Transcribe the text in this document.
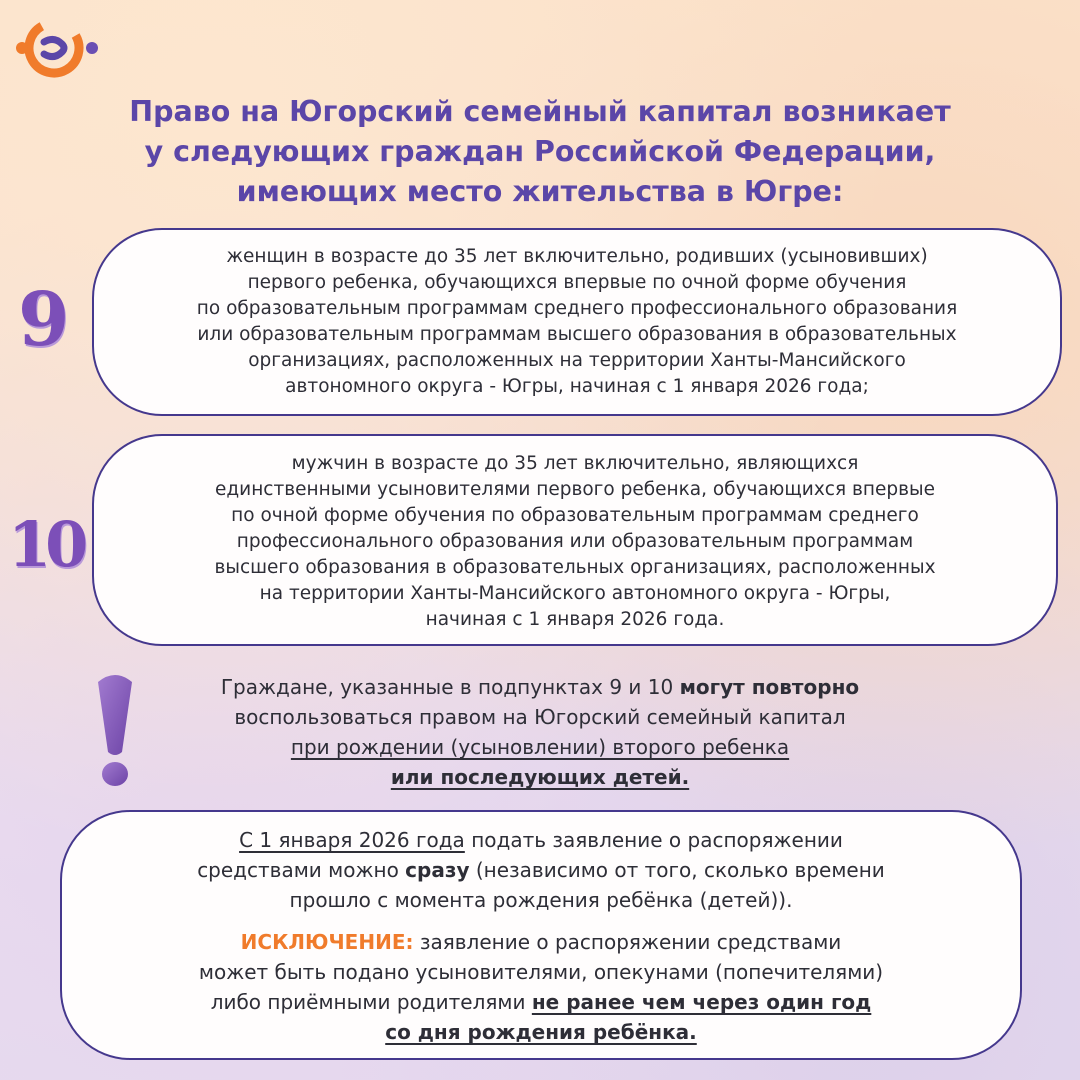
Право на Югорский семейный капитал возникает
у следующих граждан Российской Федерации,
имеющих место жительства в Югре:
9
женщин в возрасте до 35 лет включительно, родивших (усыновивших)
первого ребенка, обучающихся впервые по очной форме обучения
по образовательным программам среднего профессионального образования
или образовательным программам высшего образования в образовательных
организациях, расположенных на территории Ханты-Мансийского
автономного округа - Югры, начиная с 1 января 2026 года;
10
мужчин в возрасте до 35 лет включительно, являющихся
единственными усыновителями первого ребенка, обучающихся впервые
по очной форме обучения по образовательным программам среднего
профессионального образования или образовательным программам
высшего образования в образовательных организациях, расположенных
на территории Ханты-Мансийского автономного округа - Югры,
начиная с 1 января 2026 года.
Граждане, указанные в подпунктах 9 и 10 могут повторно
воспользоваться правом на Югорский семейный капитал
при рождении (усыновлении) второго ребенка
или последующих детей.
С 1 января 2026 года подать заявление о распоряжении
средствами можно сразу (независимо от того, сколько времени
прошло с момента рождения ребёнка (детей)).
ИСКЛЮЧЕНИЕ: заявление о распоряжении средствами
может быть подано усыновителями, опекунами (попечителями)
либо приёмными родителями не ранее чем через один год
со дня рождения ребёнка.
